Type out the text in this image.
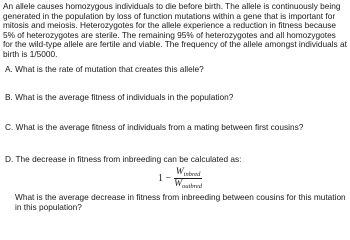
An allele causes homozygous individuals to die before birth. The allele is continuously being generated in the population by loss of function mutations within a gene that is important for mitosis and meiosis. Heterozygotes for the allele experience a reduction in fitness because 5% of heterozygotes are sterile. The remaining 95% of heterozygotes and all homozygotes for the wild-type allele are fertile and viable. The frequency of the allele amongst individuals at birth is 1/5000.

A. What is the rate of mutation that creates this allele?

B. What is the average fitness of individuals in the population?

C. What is the average fitness of individuals from a mating between first cousins?

D. The decrease in fitness from inbreeding can be calculated as:

$1 - \frac{W_{inbred}}{W_{outbred}}$

What is the average decrease in fitness from inbreeding between cousins for this mutation in this population?
